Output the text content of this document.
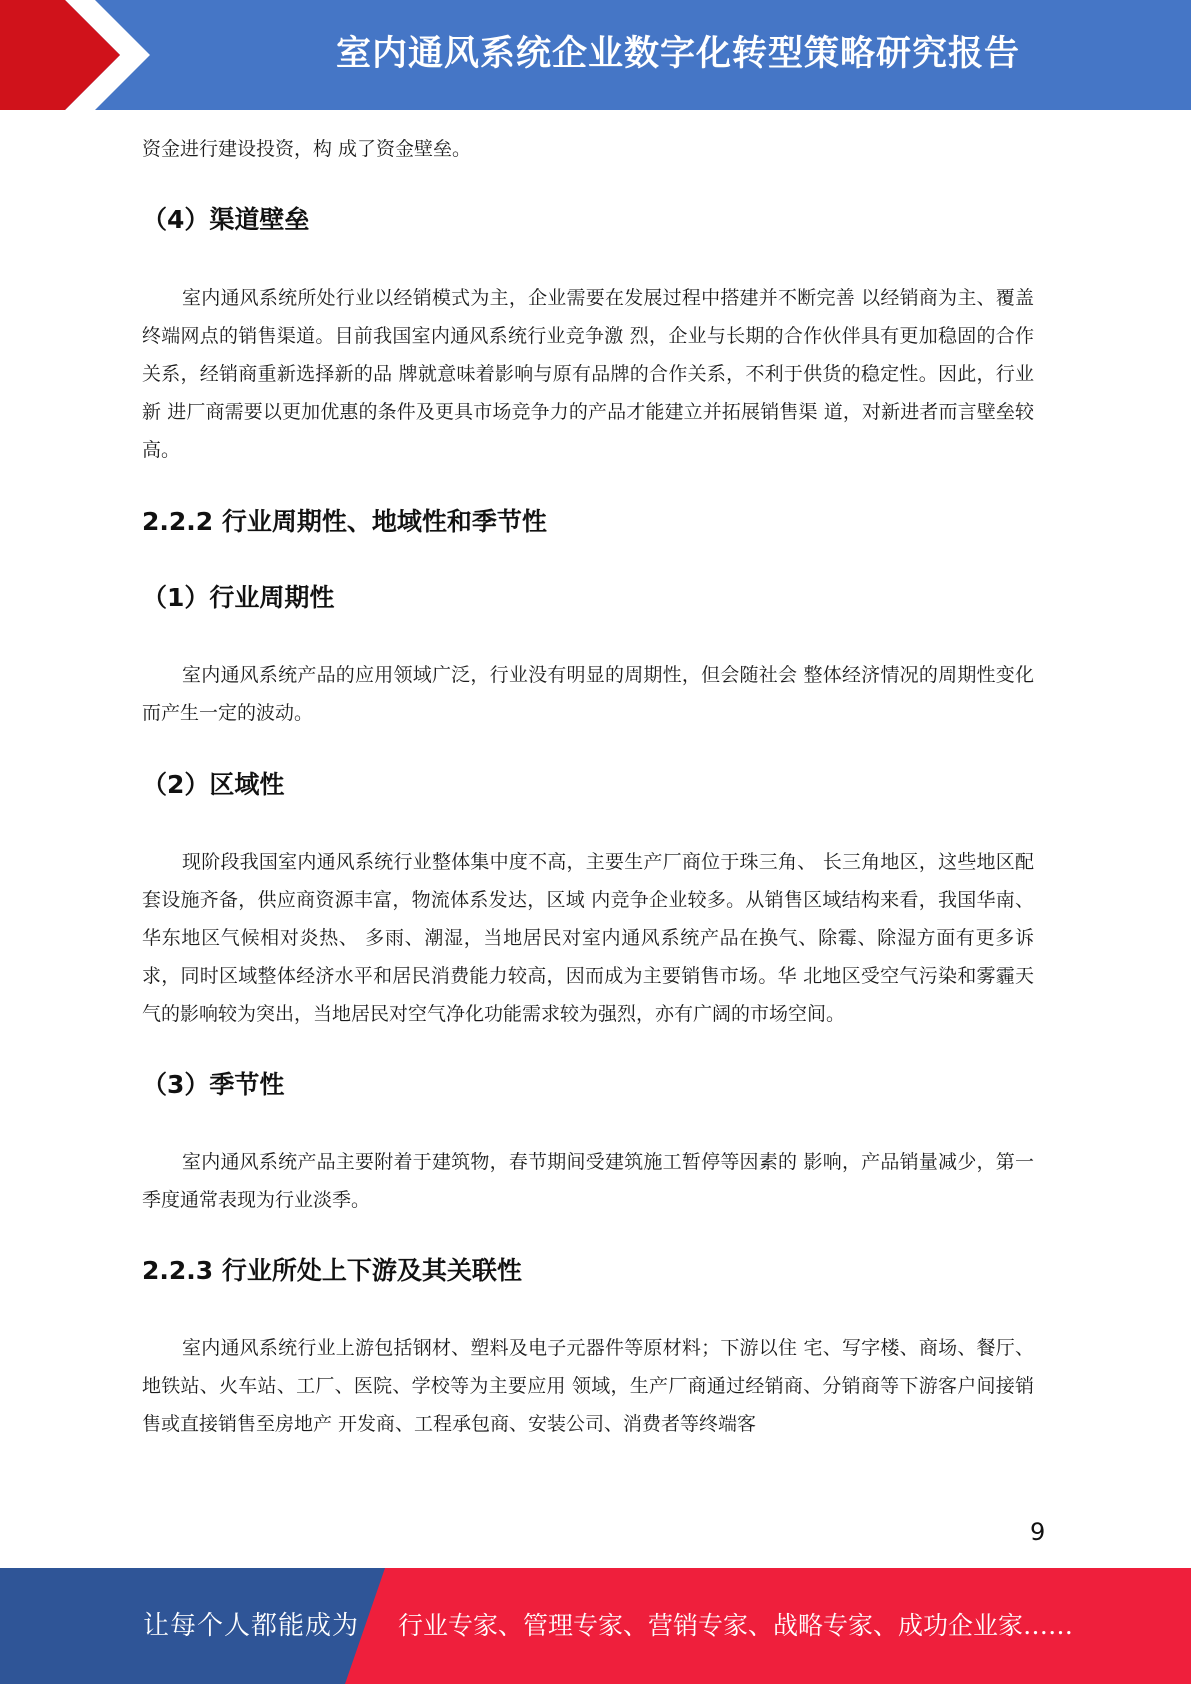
室内通风系统企业数字化转型策略研究报告

资金进行建设投资，构 成了资金壁垒。

（4）渠道壁垒

室内通风系统所处行业以经销模式为主，企业需要在发展过程中搭建并不断完善 以经销商为主、覆盖终端网点的销售渠道。目前我国室内通风系统行业竞争激 烈，企业与长期的合作伙伴具有更加稳固的合作关系，经销商重新选择新的品 牌就意味着影响与原有品牌的合作关系，不利于供货的稳定性。因此，行业新 进厂商需要以更加优惠的条件及更具市场竞争力的产品才能建立并拓展销售渠 道，对新进者而言壁垒较高。

2.2.2 行业周期性、地域性和季节性
（1）行业周期性

室内通风系统产品的应用领域广泛，行业没有明显的周期性，但会随社会 整体经济情况的周期性变化而产生一定的波动。

（2）区域性

现阶段我国室内通风系统行业整体集中度不高，主要生产厂商位于珠三角、 长三角地区，这些地区配套设施齐备，供应商资源丰富，物流体系发达，区域 内竞争企业较多。从销售区域结构来看，我国华南、华东地区气候相对炎热、 多雨、潮湿，当地居民对室内通风系统产品在换气、除霉、除湿方面有更多诉 求，同时区域整体经济水平和居民消费能力较高，因而成为主要销售市场。华 北地区受空气污染和雾霾天气的影响较为突出，当地居民对空气净化功能需求较为强烈，亦有广阔的市场空间。

（3）季节性

室内通风系统产品主要附着于建筑物，春节期间受建筑施工暂停等因素的 影响，产品销量减少，第一季度通常表现为行业淡季。

2.2.3 行业所处上下游及其关联性

室内通风系统行业上游包括钢材、塑料及电子元器件等原材料；下游以住 宅、写字楼、商场、餐厅、地铁站、火车站、工厂、医院、学校等为主要应用 领域，生产厂商通过经销商、分销商等下游客户间接销售或直接销售至房地产 开发商、工程承包商、安装公司、消费者等终端客

9
让每个人都能成为 行业专家、管理专家、营销专家、战略专家、成功企业家……
